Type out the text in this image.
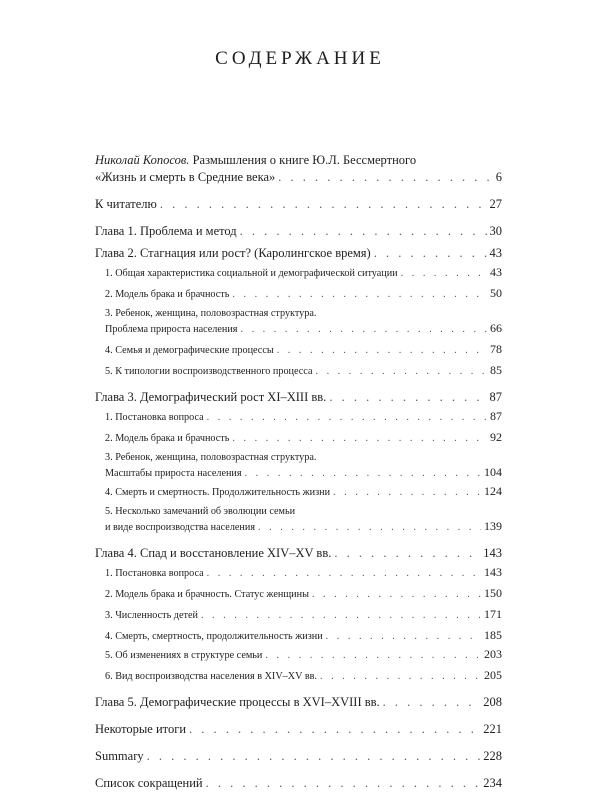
СОДЕРЖАНИЕ
Николай Копосов. Размышления о книге Ю.Л. Бессмертного
«Жизнь и смерть в Средние века» . . .	6
К читателю . . .	27
Глава 1. Проблема и метод . . .	30
Глава 2. Стагнация или рост? (Каролингское время) . . .	43
1. Общая характеристика социальной и демографической ситуации . . .	43
2. Модель брака и брачность . . .	50
3. Ребенок, женщина, половозрастная структура.
Проблема прироста населения . . .	66
4. Семья и демографические процессы . . .	78
5. К типологии воспроизводственного процесса . . .	85
Глава 3. Демографический рост XI–XIII вв. . . .	87
1. Постановка вопроса . . .	87
2. Модель брака и брачность . . .	92
3. Ребенок, женщина, половозрастная структура.
Масштабы прироста населения . . .	104
4. Смерть и смертность. Продолжительность жизни . . .	124
5. Несколько замечаний об эволюции семьи
и виде воспроизводства населения . . .	139
Глава 4. Спад и восстановление XIV–XV вв. . . .	143
1. Постановка вопроса . . .	143
2. Модель брака и брачность. Статус женщины . . .	150
3. Численность детей . . .	171
4. Смерть, смертность, продолжительность жизни . . .	185
5. Об изменениях в структуре семьи . . .	203
6. Вид воспроизводства населения в XIV–XV вв. . . .	205
Глава 5. Демографические процессы в XVI–XVIII вв. . . .	208
Некоторые итоги . . .	221
Summary . . .	228
Список сокращений . . .	234
